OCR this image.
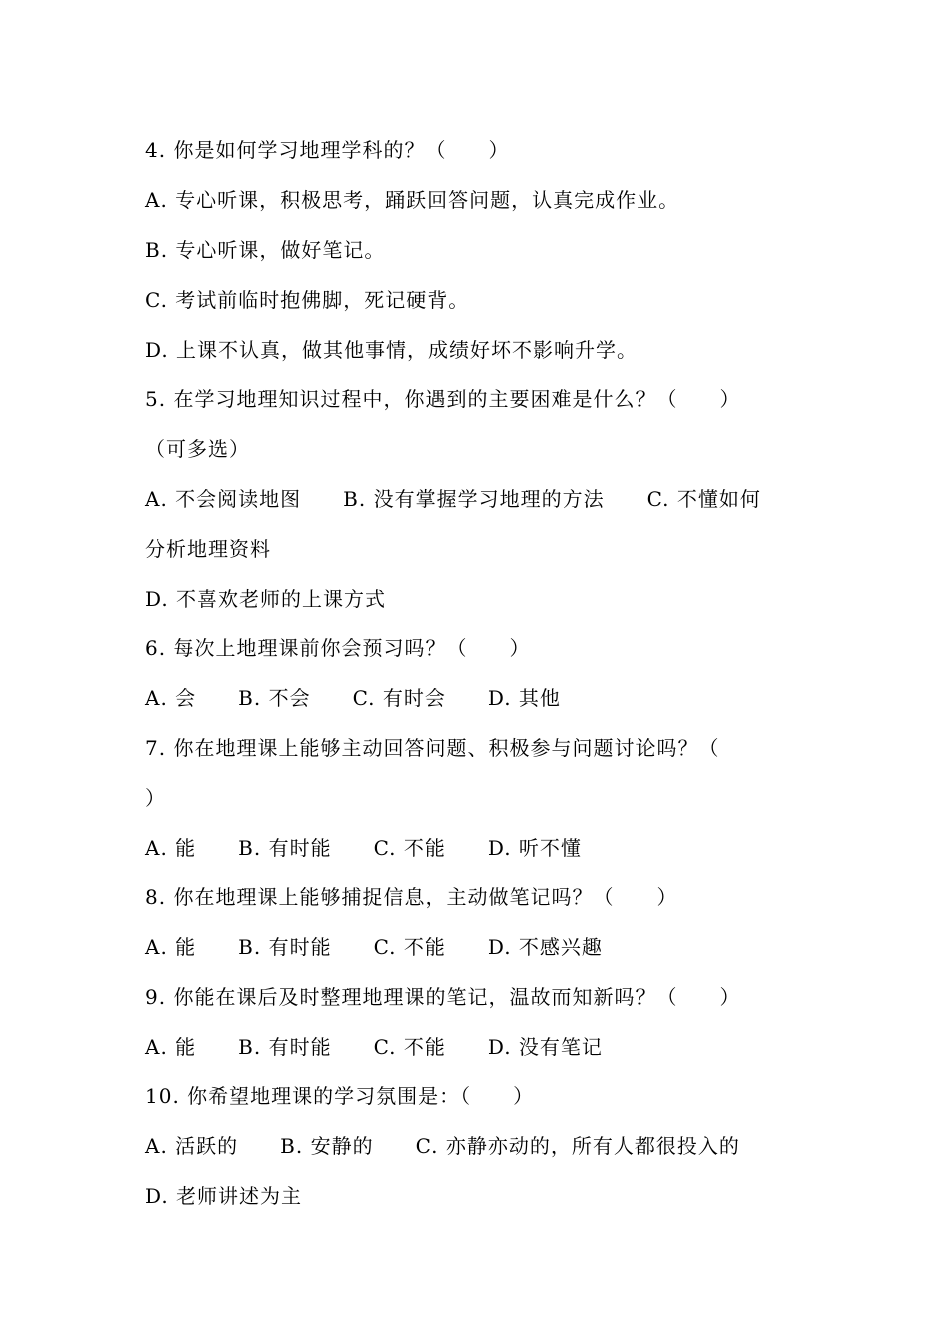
4. 你是如何学习地理学科的？（　　）
A. 专心听课，积极思考，踊跃回答问题，认真完成作业。
B. 专心听课，做好笔记。
C. 考试前临时抱佛脚，死记硬背。
D. 上课不认真，做其他事情，成绩好坏不影响升学。
5. 在学习地理知识过程中，你遇到的主要困难是什么？（　　）
（可多选）
A. 不会阅读地图　　B. 没有掌握学习地理的方法　　C. 不懂如何
分析地理资料
D. 不喜欢老师的上课方式
6. 每次上地理课前你会预习吗？（　　）
A. 会　　B. 不会　　C. 有时会　　D. 其他
7. 你在地理课上能够主动回答问题、积极参与问题讨论吗？（
）
A. 能　　B. 有时能　　C. 不能　　D. 听不懂
8. 你在地理课上能够捕捉信息，主动做笔记吗？（　　）
A. 能　　B. 有时能　　C. 不能　　D. 不感兴趣
9. 你能在课后及时整理地理课的笔记，温故而知新吗？（　　）
A. 能　　B. 有时能　　C. 不能　　D. 没有笔记
10. 你希望地理课的学习氛围是：（　　）
A. 活跃的　　B. 安静的　　C. 亦静亦动的，所有人都很投入的
D. 老师讲述为主
